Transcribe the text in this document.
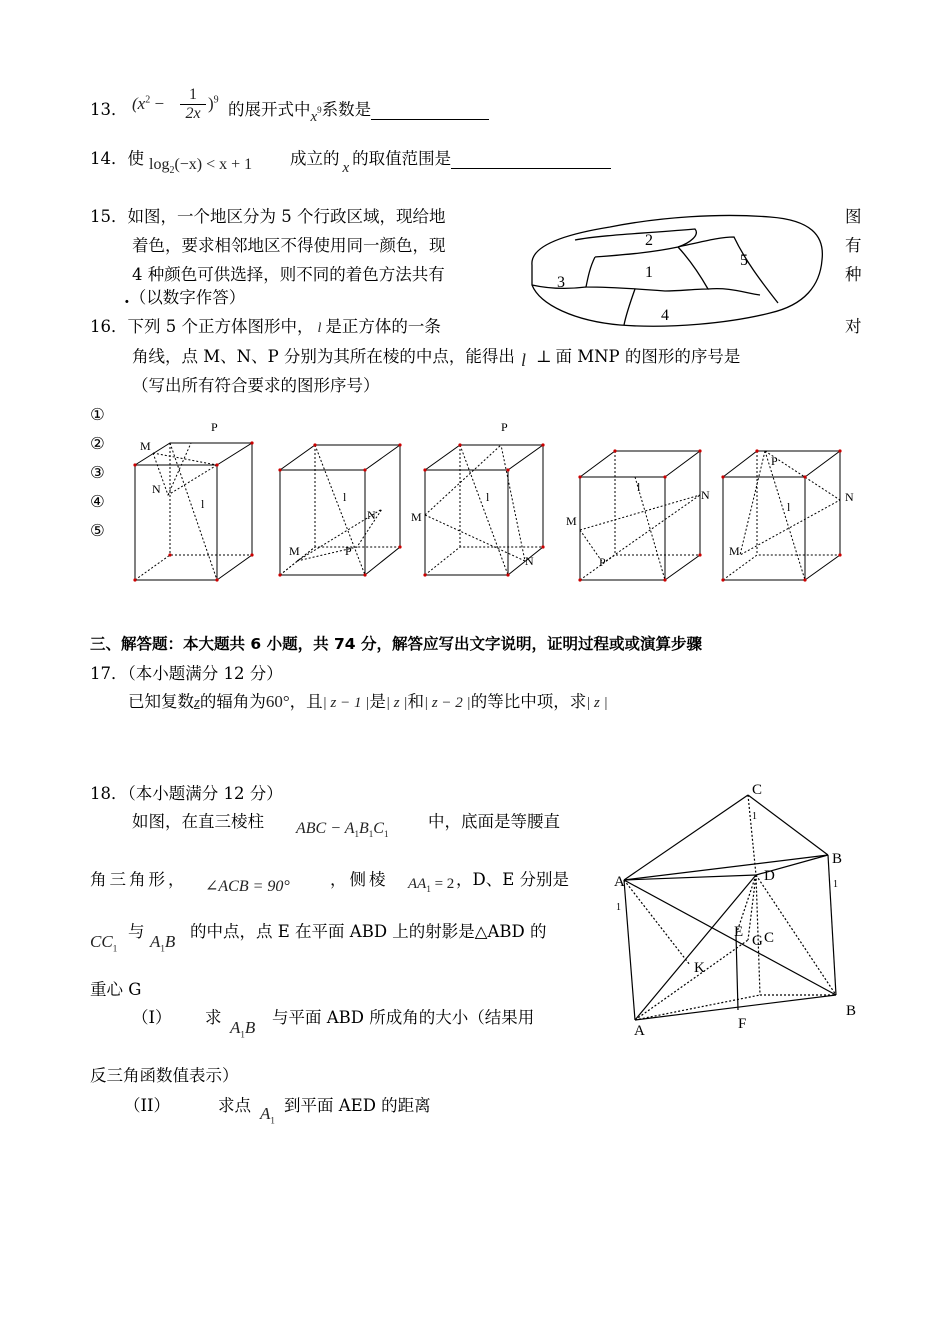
13． ($x^2$ −	1
2x
)$^9$
的展开式中$x^9$系数是
14．使 $\log_2(-x) < x + 1$ 成立的 x 的取值范围是
15．如图，一个地区分为 5 个行政区域，现给地	图
着色，要求相邻地区不得使用同一颜色，现	有
4 种颜色可供选择，则不同的着色方法共有	种
.（以数字作答）
2
1
3
4
5
16．下列 5 个正方体图形中， l 是正方体的一条	对
角线，点 M、N、P 分别为其所在棱的中点，能得出 l ⊥ 面 MNP 的图形的序号是
（写出所有符合要求的图形序号）
①
②
③
④
⑤
M
P
N
l	l
N
M	P
P
l
M
N
l
N
M
P
P
l
N
M
三、解答题：本大题共 6 小题，共 74 分，解答应写出文字说明，证明过程或或演算步骤
17．（本小题满分 12 分）
已知复数z的辐角为60°，且| z − 1 |是| z |和| z − 2 |的等比中项，求| z |
18．（本小题满分 12 分）
如图，在直三棱柱 ABC − $A_1B_1C_1$
中，底面是等腰直
角三角形， ∠ACB = 90° ，侧棱 $AA_1 = 2$ ，D、E 分别是
$CC_1$
与
$A_1B$
的中点，点 E 在平面 ABD 上的射影是△ABD 的
重心 G
（I） 求
$A_1B$
与平面 ABD 所成角的大小（结果用
反三角函数值表示）
（II）	求点 $A_1$
到平面 AED 的距离
C
1
B
1
A
1
D
E
G C
K
A	F
B
